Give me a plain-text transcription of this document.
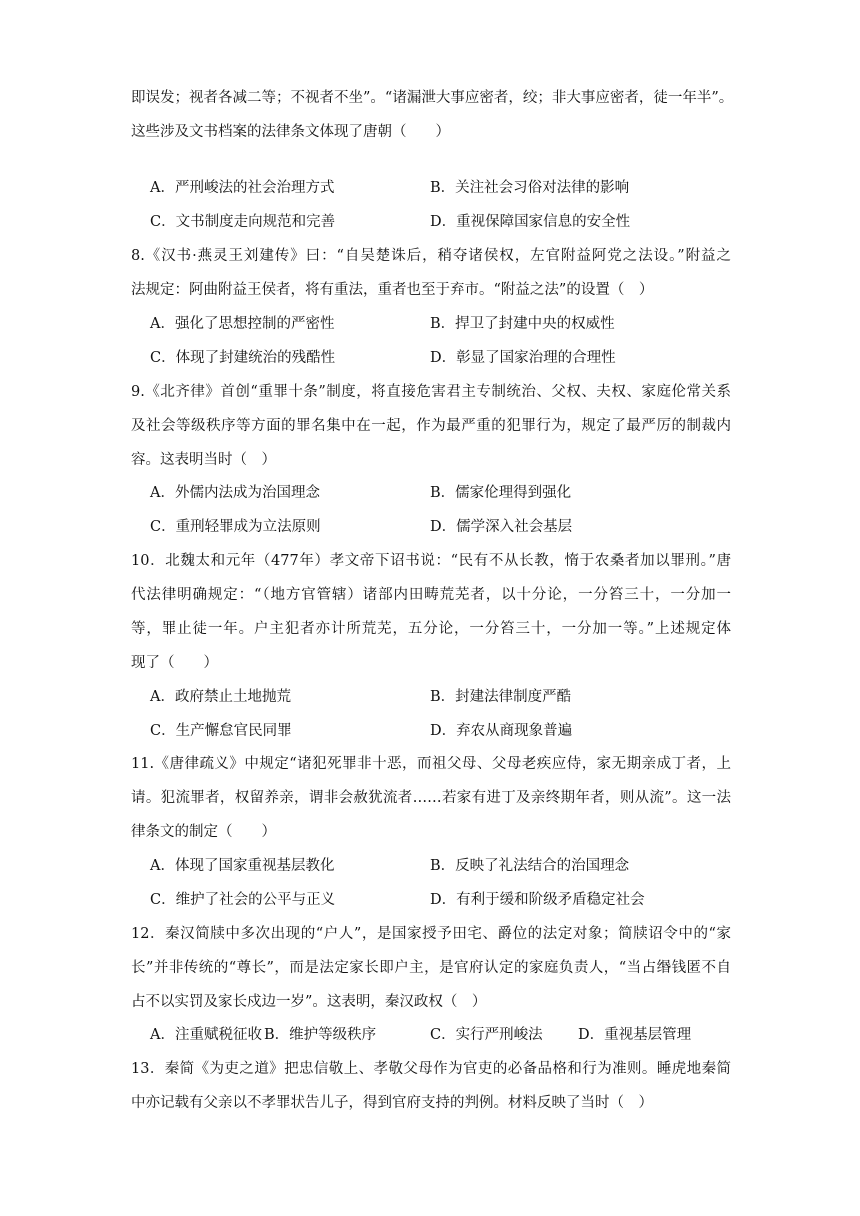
即误发；视者各减二等；不视者不坐”。“诸漏泄大事应密者，绞；非大事应密者，徒一年半”。
这些涉及文书档案的法律条文体现了唐朝（　　）
A．严刑峻法的社会治理方式	B．关注社会习俗对法律的影响
C．文书制度走向规范和完善	D．重视保障国家信息的安全性
8.《汉书·燕灵王刘建传》曰：“自吴楚诛后，稍夺诸侯权，左官附益阿党之法设。”附益之
法规定：阿曲附益王侯者，将有重法，重者也至于弃市。“附益之法”的设置（　）
A．强化了思想控制的严密性	B．捍卫了封建中央的权威性
C．体现了封建统治的残酷性	D．彰显了国家治理的合理性
9.《北齐律》首创“重罪十条”制度，将直接危害君主专制统治、父权、夫权、家庭伦常关系
及社会等级秩序等方面的罪名集中在一起，作为最严重的犯罪行为，规定了最严厉的制裁内
容。这表明当时（　）
A．外儒内法成为治国理念	B．儒家伦理得到强化
C．重刑轻罪成为立法原则	D．儒学深入社会基层
10．北魏太和元年（477年）孝文帝下诏书说：“民有不从长教，惰于农桑者加以罪刑。”唐
代法律明确规定：“（地方官管辖）诸部内田畴荒芜者，以十分论，一分笞三十，一分加一
等，罪止徒一年。户主犯者亦计所荒芜，五分论，一分笞三十，一分加一等。”上述规定体
现了（　　）
A．政府禁止土地抛荒	B．封建法律制度严酷
C．生产懈怠官民同罪	D．弃农从商现象普遍
11.《唐律疏义》中规定“诸犯死罪非十恶，而祖父母、父母老疾应侍，家无期亲成丁者，上
请。犯流罪者，权留养亲，谓非会赦犹流者……若家有进丁及亲终期年者，则从流”。这一法
律条文的制定（　　）
A．体现了国家重视基层教化	B．反映了礼法结合的治国理念
C．维护了社会的公平与正义	D．有利于缓和阶级矛盾稳定社会
12．秦汉简牍中多次出现的“户人”，是国家授予田宅、爵位的法定对象；简牍诏令中的“家
长”并非传统的“尊长”，而是法定家长即户主，是官府认定的家庭负责人，“当占缗钱匿不自
占不以实罚及家长戍边一岁”。这表明，秦汉政权（　）
A．注重赋税征收 B．维护等级秩序	C．实行严刑峻法 D．重视基层管理
13．秦简《为吏之道》把忠信敬上、孝敬父母作为官吏的必备品格和行为准则。睡虎地秦简
中亦记载有父亲以不孝罪状告儿子，得到官府支持的判例。材料反映了当时（　）
